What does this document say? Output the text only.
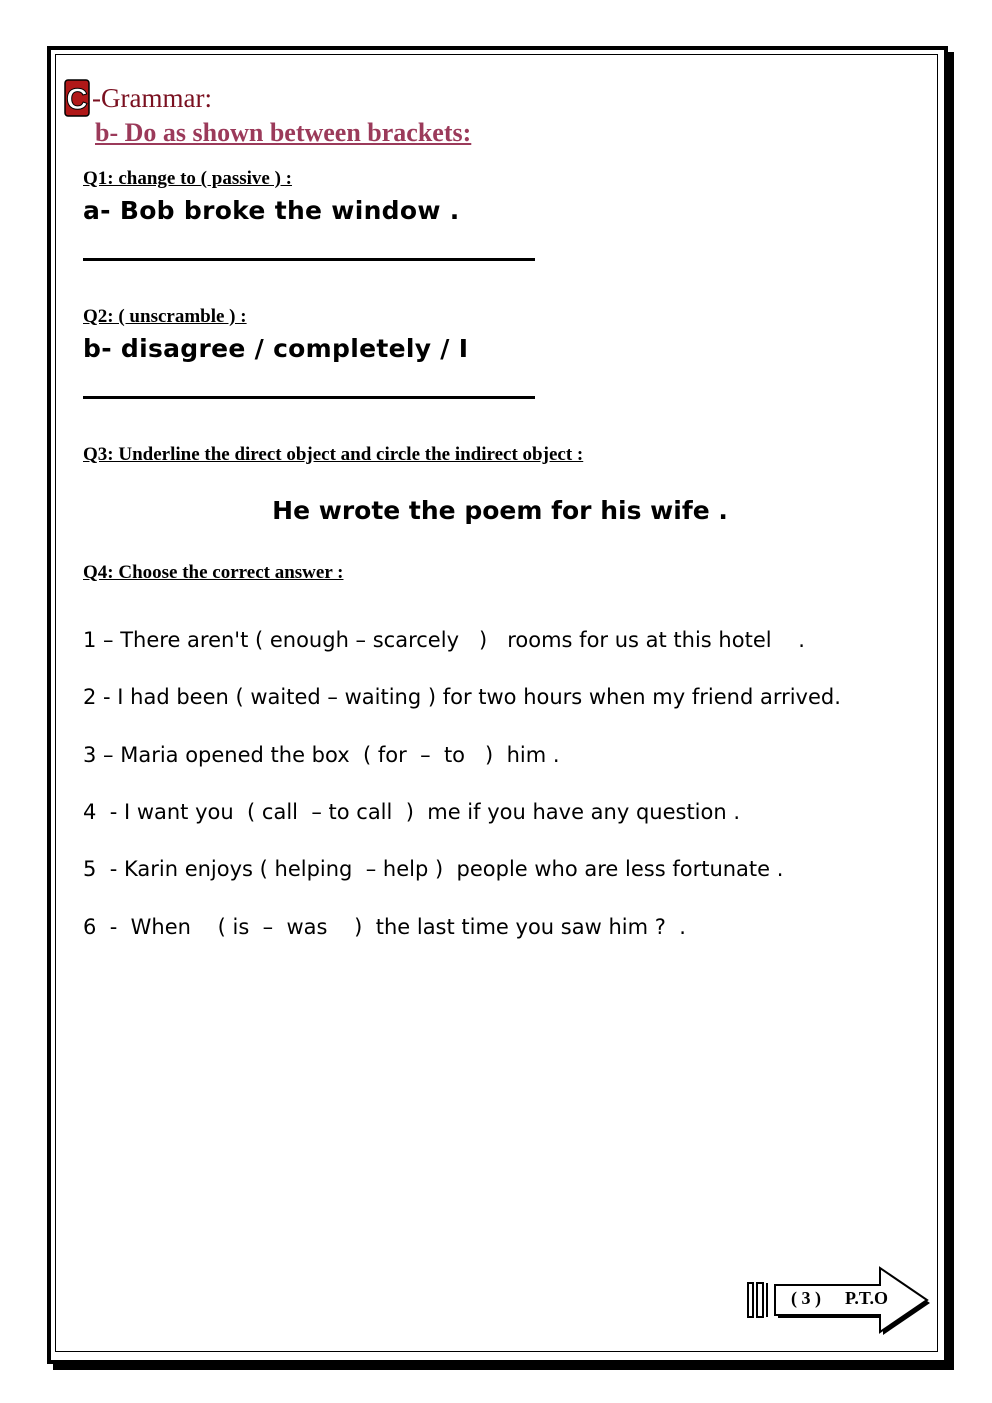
C -Grammar:
b- Do as shown between brackets:
Q1: change to ( passive ) :
a- Bob broke the window .
Q2: ( unscramble ) :
b- disagree / completely / I
Q3: Underline the direct object and circle the indirect object :
He wrote the poem for his wife .
Q4: Choose the correct answer :
1 – There aren't ( enough – scarcely   )   rooms for us at this hotel    .
2 - I had been ( waited – waiting ) for two hours when my friend arrived.
3 – Maria opened the box  ( for  –  to   )  him .
4  - I want you  ( call  – to call  )  me if you have any question .
5  - Karin enjoys ( helping  – help )  people who are less fortunate .
6  -  When    ( is  –  was    )  the last time you saw him ?  .
( 3 ) P.T.O
